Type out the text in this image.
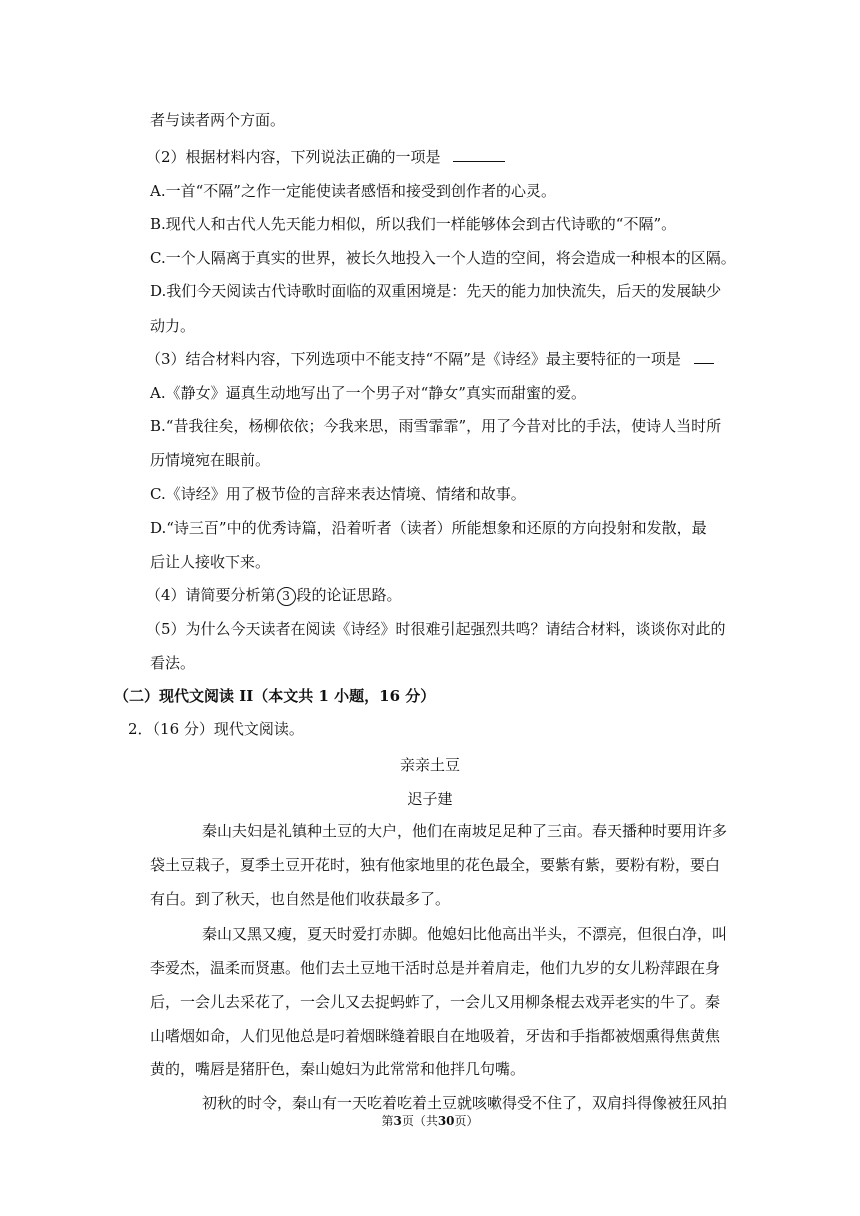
者与读者两个方面。
（2）根据材料内容，下列说法正确的一项是
A.一首“不隔”之作一定能使读者感悟和接受到创作者的心灵。
B.现代人和古代人先天能力相似，所以我们一样能够体会到古代诗歌的“不隔”。
C.一个人隔离于真实的世界，被长久地投入一个人造的空间，将会造成一种根本的区隔。
D.我们今天阅读古代诗歌时面临的双重困境是：先天的能力加快流失，后天的发展缺少
动力。
（3）结合材料内容，下列选项中不能支持“不隔”是《诗经》最主要特征的一项是
A.《静女》逼真生动地写出了一个男子对“静女”真实而甜蜜的爱。
B.“昔我往矣，杨柳依依；今我来思，雨雪霏霏”，用了今昔对比的手法，使诗人当时所
历情境宛在眼前。
C.《诗经》用了极节俭的言辞来表达情境、情绪和故事。
D.“诗三百”中的优秀诗篇，沿着听者（读者）所能想象和还原的方向投射和发散，最
后让人接收下来。
（4）请简要分析第 3 段的论证思路。
（5）为什么今天读者在阅读《诗经》时很难引起强烈共鸣？请结合材料，谈谈你对此的
看法。
（二）现代文阅读 II（本文共 1 小题，16 分）
2．（16 分）现代文阅读。
亲亲土豆
迟子建
秦山夫妇是礼镇种土豆的大户，他们在南坡足足种了三亩。春天播种时要用许多
袋土豆栽子，夏季土豆开花时，独有他家地里的花色最全，要紫有紫，要粉有粉，要白
有白。到了秋天，也自然是他们收获最多了。
秦山又黑又瘦，夏天时爱打赤脚。他媳妇比他高出半头，不漂亮，但很白净，叫
李爱杰，温柔而贤惠。他们去土豆地干活时总是并着肩走，他们九岁的女儿粉萍跟在身
后，一会儿去采花了，一会儿又去捉蚂蚱了，一会儿又用柳条棍去戏弄老实的牛了。秦
山嗜烟如命，人们见他总是叼着烟眯缝着眼自在地吸着，牙齿和手指都被烟熏得焦黄焦
黄的，嘴唇是猪肝色，秦山媳妇为此常常和他拌几句嘴。
初秋的时令，秦山有一天吃着吃着土豆就咳嗽得受不住了，双肩抖得像被狂风拍
第3页（共30页）
